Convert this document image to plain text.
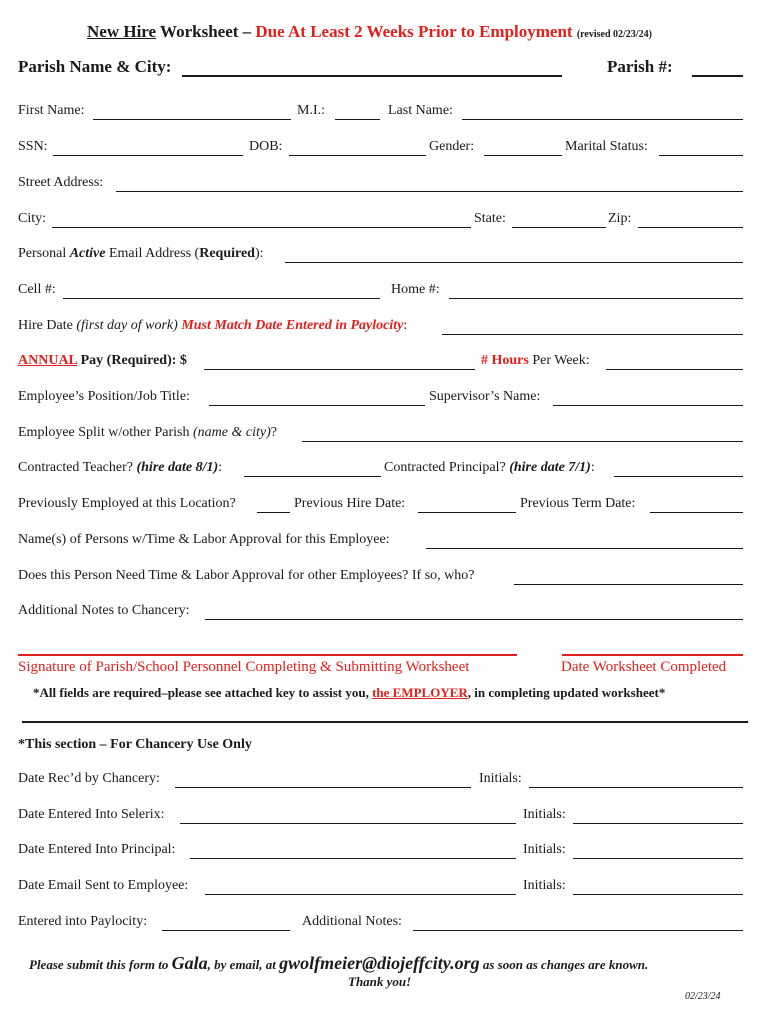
New Hire Worksheet – Due At Least 2 Weeks Prior to Employment (revised 02/23/24)
Parish Name & City:	Parish #:
First Name:	M.I.:	Last Name:
SSN:	DOB:	Gender:	Marital Status:
Street Address:
City:	State:	Zip:
Personal Active Email Address (Required):
Cell #:	Home #:
Hire Date (first day of work) Must Match Date Entered in Paylocity:
ANNUAL Pay (Required): $	# Hours Per Week:
Employee’s Position/Job Title:	Supervisor’s Name:
Employee Split w/other Parish (name & city)?
Contracted Teacher? (hire date 8/1):	Contracted Principal? (hire date 7/1):
Previously Employed at this Location?	Previous Hire Date:	Previous Term Date:
Name(s) of Persons w/Time & Labor Approval for this Employee:
Does this Person Need Time & Labor Approval for other Employees? If so, who?
Additional Notes to Chancery:
Signature of Parish/School Personnel Completing & Submitting Worksheet	Date Worksheet Completed
*All fields are required–please see attached key to assist you, the EMPLOYER, in completing updated worksheet*
*This section – For Chancery Use Only
Date Rec’d by Chancery:	Initials:
Date Entered Into Selerix:	Initials:
Date Entered Into Principal:	Initials:
Date Email Sent to Employee:	Initials:
Entered into Paylocity:	Additional Notes:
Please submit this form to Gala, by email, at gwolfmeier@diojeffcity.org as soon as changes are known.
Thank you!
02/23/24
